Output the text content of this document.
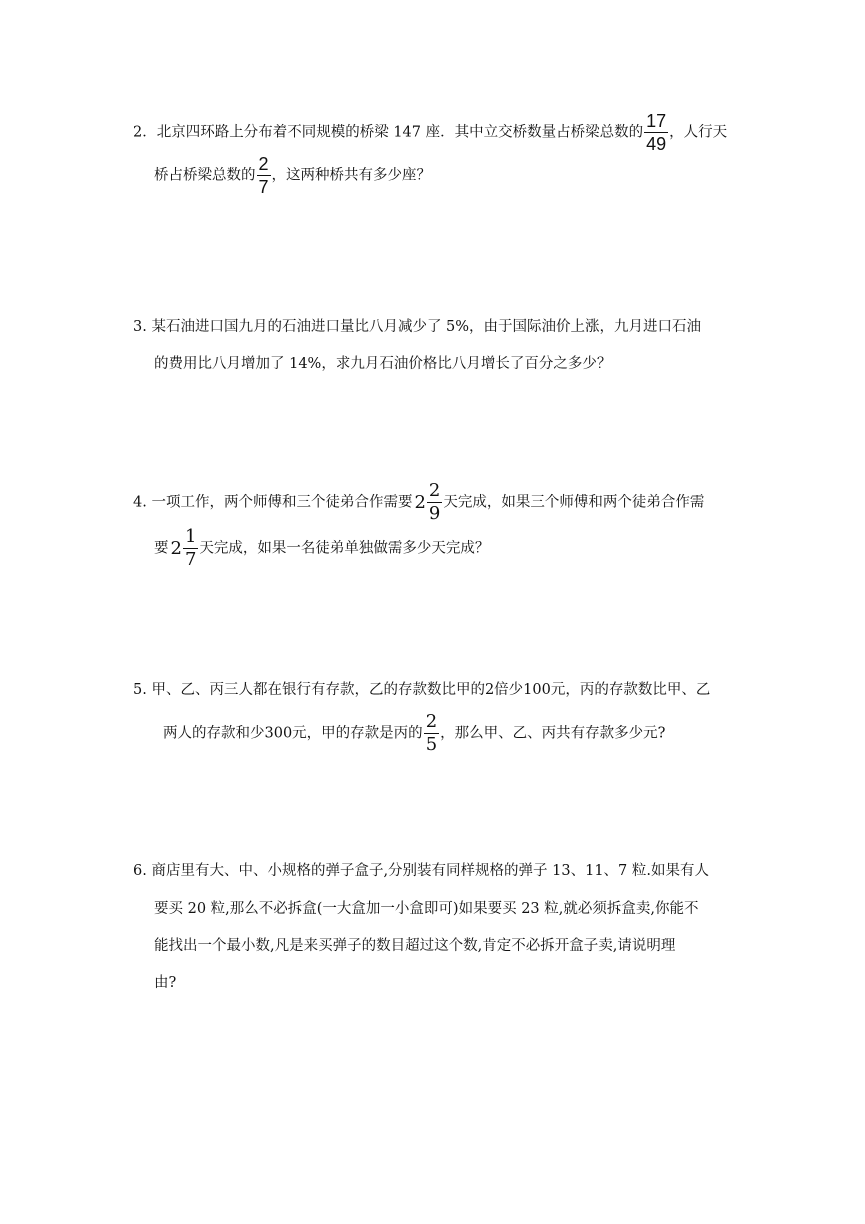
2．北京四环路上分布着不同规模的桥梁 147 座．其中立交桥数量占桥梁总数的 $\frac{17}{49}$ ，人行天
桥占桥梁总数的 $\frac{2}{7}$ ，这两种桥共有多少座？
3. 某石油进口国九月的石油进口量比八月减少了 5%，由于国际油价上涨，九月进口石油
的费用比八月增加了 14%，求九月石油价格比八月增长了百分之多少？
4. 一项工作，两个师傅和三个徒弟合作需要 $2 \frac{2}{9}$ 天完成，如果三个师傅和两个徒弟合作需
要 $2 \frac{1}{7}$ 天完成，如果一名徒弟单独做需多少天完成？
5. 甲、乙、丙三人都在银行有存款，乙的存款数比甲的2倍少100元，丙的存款数比甲、乙
两人的存款和少300元，甲的存款是丙的 $\frac{2}{5}$ ，那么甲、乙、丙共有存款多少元?
6. 商店里有大、中、小规格的弹子盒子,分别装有同样规格的弹子 13、11、7 粒.如果有人
要买 20 粒,那么不必拆盒(一大盒加一小盒即可)如果要买 23 粒,就必须拆盒卖,你能不
能找出一个最小数,凡是来买弹子的数目超过这个数,肯定不必拆开盒子卖,请说明理
由?
